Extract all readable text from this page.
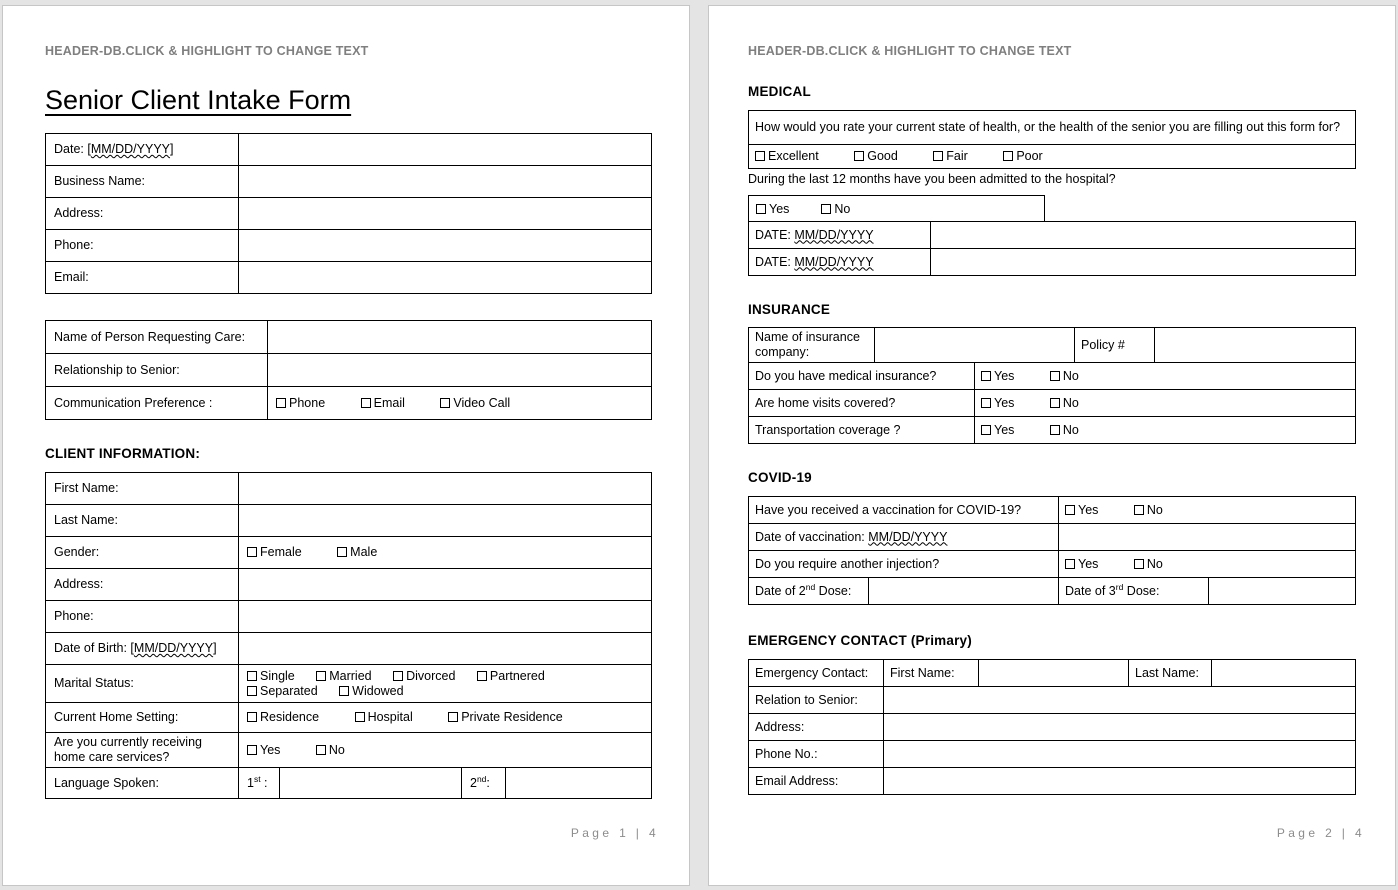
HEADER-DB.CLICK & HIGHLIGHT TO CHANGE TEXT
Senior Client Intake Form
Date: [MM/DD/YYYY]	
Business Name:	
Address:	
Phone:	
Email:	
Name of Person Requesting Care:	
Relationship to Senior:	
Communication Preference :	Phone Email Video Call
CLIENT INFORMATION:
First Name:				
Last Name:				
Gender:	Female Male			
Address:				
Phone:				
Date of Birth: [MM/DD/YYYY]				
Marital Status:	Single Married Divorced Partnered Separated Widowed			
Current Home Setting:	Residence Hospital Private Residence			
Are you currently receiving home care services?	Yes No			
Language Spoken:	1st :		2nd:	
Page 1 | 4
HEADER-DB.CLICK & HIGHLIGHT TO CHANGE TEXT
MEDICAL
How would you rate your current state of health, or the health of the senior you are filling out this form for?
Excellent	Good	Fair	Poor
During the last 12 months have you been admitted to the hospital?
Yes	No
DATE: MM/DD/YYYY	
DATE: MM/DD/YYYY	
INSURANCE
Name of insurance company:		Policy #	
Do you have medical insurance?	Yes No
Are home visits covered?	Yes No
Transportation coverage ?	Yes No
COVID-19
Have you received a vaccination for COVID-19?		Yes No	
Date of vaccination: MM/DD/YYYY			
Do you require another injection?		Yes No	
Date of 2nd Dose:		Date of 3rd Dose:	
EMERGENCY CONTACT (Primary)
Emergency Contact:	First Name:		Last Name:	
Relation to Senior:				
Address:				
Phone No.:				
Email Address:				
Page 2 | 4
